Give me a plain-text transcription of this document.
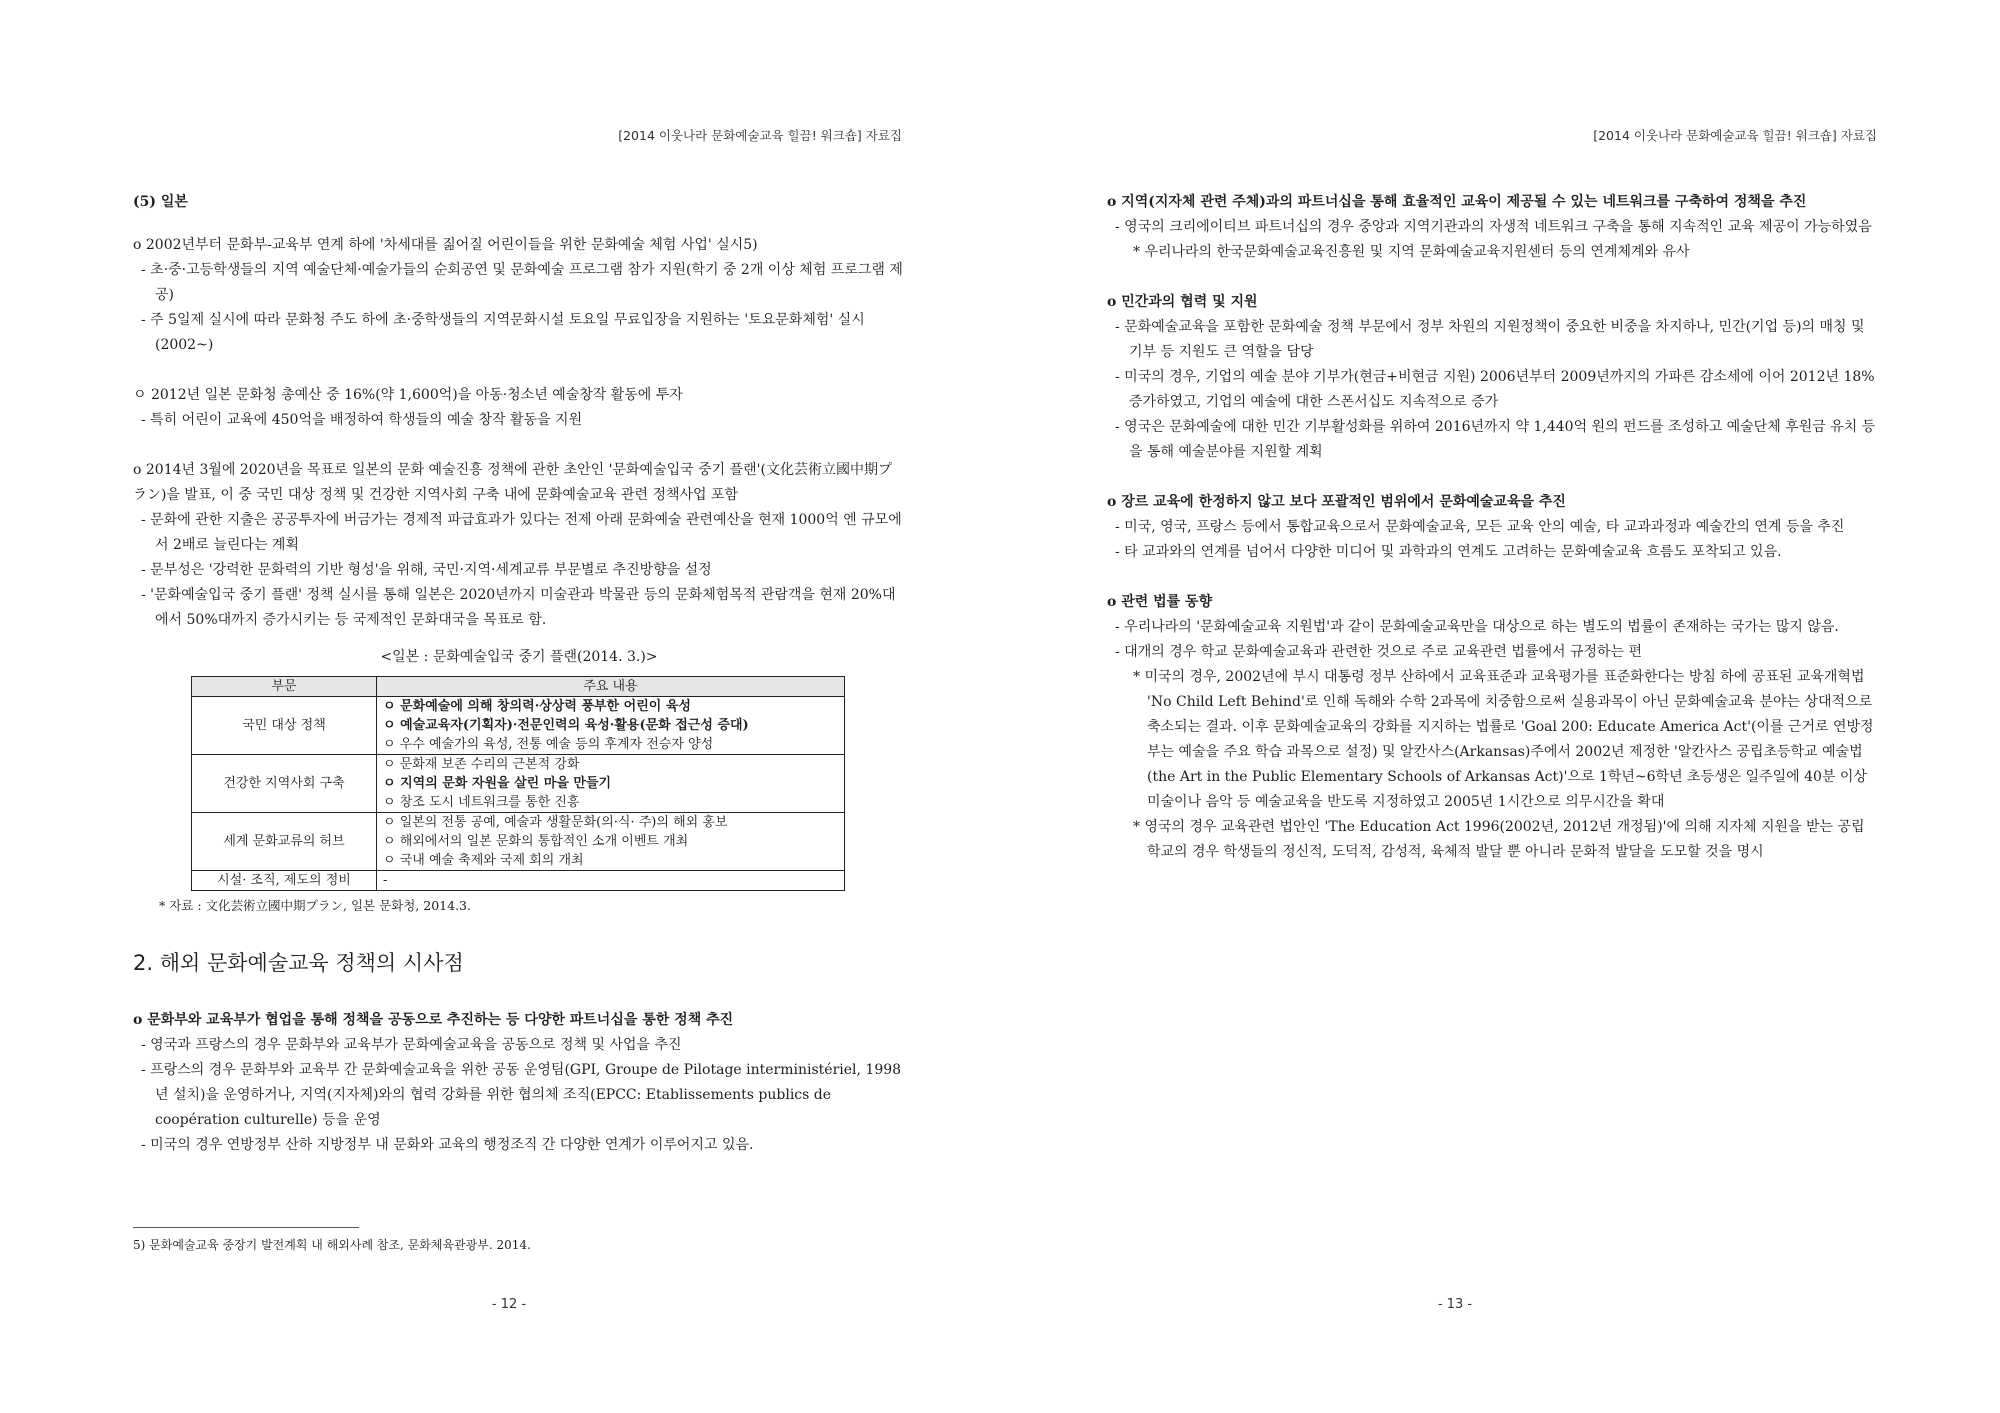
[2014 이웃나라 문화예술교육 힐끔! 워크숍] 자료집
(5) 일본
o 2002년부터 문화부-교육부 연계 하에 '차세대를 짊어질 어린이들을 위한 문화예술 체험 사업' 실시5)
- 초·중·고등학생들의 지역 예술단체·예술가들의 순회공연 및 문화예술 프로그램 참가 지원(학기 중 2개 이상 체험 프로그램 제공)
- 주 5일제 실시에 따라 문화청 주도 하에 초·중학생들의 지역문화시설 토요일 무료입장을 지원하는 '토요문화체험' 실시(2002~)
ㅇ 2012년 일본 문화청 총예산 중 16%(약 1,600억)을 아동·청소년 예술창작 활동에 투자
- 특히 어린이 교육에 450억을 배정하여 학생들의 예술 창작 활동을 지원
o 2014년 3월에 2020년을 목표로 일본의 문화 예술진흥 정책에 관한 초안인 '문화예술입국 중기 플랜'(文化芸術立國中期プラン)을 발표, 이 중 국민 대상 정책 및 건강한 지역사회 구축 내에 문화예술교육 관련 정책사업 포함
- 문화에 관한 지출은 공공투자에 버금가는 경제적 파급효과가 있다는 전제 아래 문화예술 관련예산을 현재 1000억 엔 규모에서 2배로 늘린다는 계획
- 문부성은 '강력한 문화력의 기반 형성'을 위해, 국민·지역·세계교류 부문별로 추진방향을 설정
- '문화예술입국 중기 플랜' 정책 실시를 통해 일본은 2020년까지 미술관과 박물관 등의 문화체험목적 관람객을 현재 20%대에서 50%대까지 증가시키는 등 국제적인 문화대국을 목표로 함.
<일본 : 문화예술입국 중기 플랜(2014. 3.)>
부문	주요 내용
국민 대상 정책	ㅇ 문화예술에 의해 창의력·상상력 풍부한 어린이 육성
ㅇ 예술교육자(기획자)·전문인력의 육성·활용(문화 접근성 증대)
ㅇ 우수 예술가의 육성, 전통 예술 등의 후계자 전승자 양성

건강한 지역사회 구축	ㅇ 문화재 보존 수리의 근본적 강화
ㅇ 지역의 문화 자원을 살린 마을 만들기
ㅇ 창조 도시 네트워크를 통한 진흥

세계 문화교류의 허브	ㅇ 일본의 전통 공예, 예술과 생활문화(의·식· 주)의 해외 홍보
ㅇ 해외에서의 일본 문화의 통합적인 소개 이벤트 개최
ㅇ 국내 예술 축제와 국제 회의 개최

시설· 조직, 제도의 정비	-
* 자료 : 文化芸術立國中期プラン, 일본 문화청, 2014.3.
2. 해외 문화예술교육 정책의 시사점
o 문화부와 교육부가 협업을 통해 정책을 공동으로 추진하는 등 다양한 파트너십을 통한 정책 추진
- 영국과 프랑스의 경우 문화부와 교육부가 문화예술교육을 공동으로 정책 및 사업을 추진
- 프랑스의 경우 문화부와 교육부 간 문화예술교육을 위한 공동 운영팀(GPI, Groupe de Pilotage interministériel, 1998년 설치)을 운영하거나, 지역(지자체)와의 협력 강화를 위한 협의체 조직(EPCC: Etablissements publics de coopération culturelle) 등을 운영
- 미국의 경우 연방정부 산하 지방정부 내 문화와 교육의 행정조직 간 다양한 연계가 이루어지고 있음.
5) 문화예술교육 중장기 발전계획 내 해외사례 참조, 문화체육관광부. 2014.
- 12 -
[2014 이웃나라 문화예술교육 힐끔! 워크숍] 자료집
o 지역(지자체 관련 주체)과의 파트너십을 통해 효율적인 교육이 제공될 수 있는 네트워크를 구축하여 정책을 추진
- 영국의 크리에이티브 파트너십의 경우 중앙과 지역기관과의 자생적 네트워크 구축을 통해 지속적인 교육 제공이 가능하였음
* 우리나라의 한국문화예술교육진흥원 및 지역 문화예술교육지원센터 등의 연계체계와 유사
o 민간과의 협력 및 지원
- 문화예술교육을 포함한 문화예술 정책 부문에서 정부 차원의 지원정책이 중요한 비중을 차지하나, 민간(기업 등)의 매칭 및 기부 등 지원도 큰 역할을 담당
- 미국의 경우, 기업의 예술 분야 기부가(현금+비현금 지원) 2006년부터 2009년까지의 가파른 감소세에 이어 2012년 18% 증가하였고, 기업의 예술에 대한 스폰서십도 지속적으로 증가
- 영국은 문화예술에 대한 민간 기부활성화를 위하여 2016년까지 약 1,440억 원의 펀드를 조성하고 예술단체 후원금 유치 등을 통해 예술분야를 지원할 계획
o 장르 교육에 한정하지 않고 보다 포괄적인 범위에서 문화예술교육을 추진
- 미국, 영국, 프랑스 등에서 통합교육으로서 문화예술교육, 모든 교육 안의 예술, 타 교과과정과 예술간의 연계 등을 추진
- 타 교과와의 연계를 넘어서 다양한 미디어 및 과학과의 연계도 고려하는 문화예술교육 흐름도 포착되고 있음.
o 관련 법률 동향
- 우리나라의 '문화예술교육 지원법'과 같이 문화예술교육만을 대상으로 하는 별도의 법률이 존재하는 국가는 많지 않음.
- 대개의 경우 학교 문화예술교육과 관련한 것으로 주로 교육관련 법률에서 규정하는 편
* 미국의 경우, 2002년에 부시 대통령 정부 산하에서 교육표준과 교육평가를 표준화한다는 방침 하에 공표된 교육개혁법 'No Child Left Behind'로 인해 독해와 수학 2과목에 치중함으로써 실용과목이 아닌 문화예술교육 분야는 상대적으로 축소되는 결과. 이후 문화예술교육의 강화를 지지하는 법률로 'Goal 200: Educate America Act'(이를 근거로 연방정부는 예술을 주요 학습 과목으로 설정) 및 알칸사스(Arkansas)주에서 2002년 제정한 '알칸사스 공립초등학교 예술법(the Art in the Public Elementary Schools of Arkansas Act)'으로 1학년~6학년 초등생은 일주일에 40분 이상 미술이나 음악 등 예술교육을 반도록 지정하였고 2005년 1시간으로 의무시간을 확대
* 영국의 경우 교육관련 법안인 'The Education Act 1996(2002년, 2012년 개정됨)'에 의해 지자체 지원을 받는 공립학교의 경우 학생들의 정신적, 도덕적, 감성적, 육체적 발달 뿐 아니라 문화적 발달을 도모할 것을 명시
- 13 -
